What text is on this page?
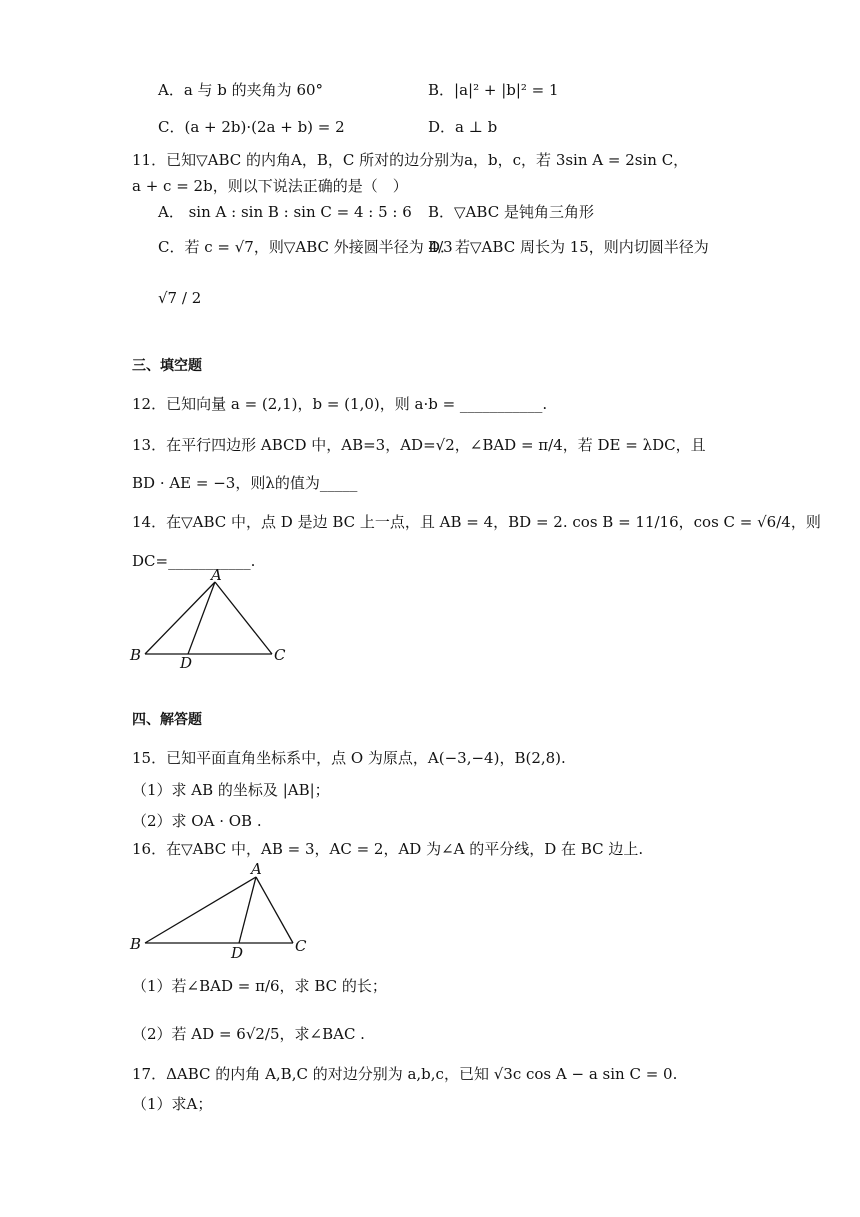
A．a 与 b 的夹角为 60°	B．|a|² + |b|² = 1
C．(a + 2b)·(2a + b) = 2	D．a ⊥ b
11．已知▽ABC 的内角A，B，C 所对的边分别为a，b，c，若 3sin A = 2sin C，
a + c = 2b，则以下说法正确的是（　）
A． sin A : sin B : sin C = 4 : 5 : 6 B．▽ABC 是钝角三角形
C．若 c = √7，则▽ABC 外接圆半径为 4/3
D．若▽ABC 周长为 15，则内切圆半径为
√7 / 2
三、填空题
12．已知向量 a = (2,1)，b = (1,0)，则 a·b = ___________.
13．在平行四边形 ABCD 中，AB=3，AD=√2，∠BAD = π/4，若 DE = λDC，且
BD · AE = −3，则λ的值为_____
14．在▽ABC 中，点 D 是边 BC 上一点，且 AB = 4，BD = 2. cos B = 11/16，cos C = √6/4，则
DC=___________.
A
B	C
D
四、解答题
15．已知平面直角坐标系中，点 O 为原点，A(−3,−4)，B(2,8).
（1）求 AB 的坐标及 |AB|；
（2）求 OA · OB .
16．在▽ABC 中，AB = 3，AC = 2，AD 为∠A 的平分线，D 在 BC 边上.
A
B	C
D
（1）若∠BAD = π/6，求 BC 的长；
（2）若 AD = 6√2/5，求∠BAC .
17．ΔABC 的内角 A,B,C 的对边分别为 a,b,c，已知 √3c cos A − a sin C = 0.
（1）求A；
